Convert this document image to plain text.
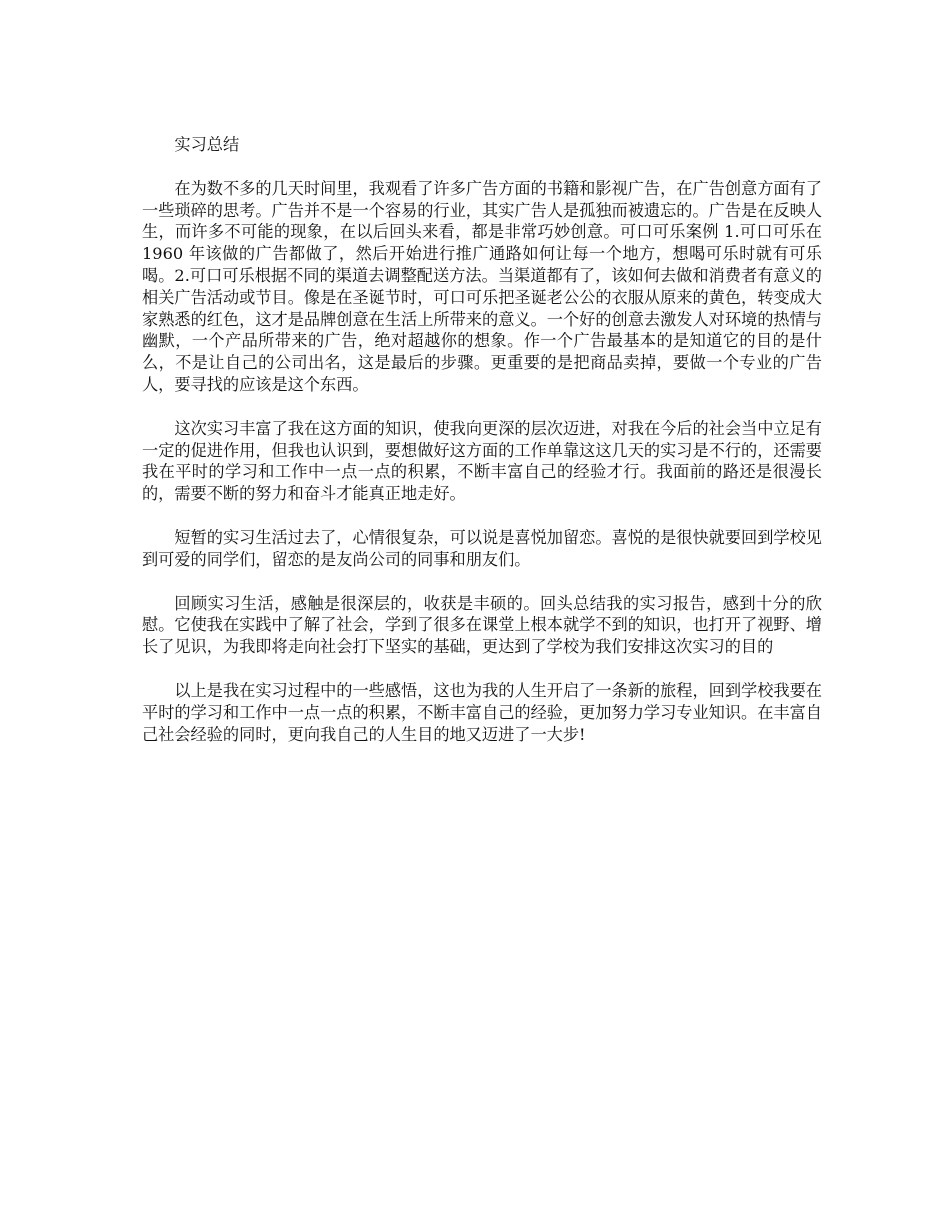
实习总结

在为数不多的几天时间里，我观看了许多广告方面的书籍和影视广告，在广告创意方面有了一些琐碎的思考。广告并不是一个容易的行业，其实广告人是孤独而被遗忘的。广告是在反映人生，而许多不可能的现象，在以后回头来看，都是非常巧妙创意。可口可乐案例 1.可口可乐在 1960 年该做的广告都做了，然后开始进行推广通路如何让每一个地方，想喝可乐时就有可乐喝。2.可口可乐根据不同的渠道去调整配送方法。当渠道都有了，该如何去做和消费者有意义的相关广告活动或节目。像是在圣诞节时，可口可乐把圣诞老公公的衣服从原来的黄色，转变成大家熟悉的红色，这才是品牌创意在生活上所带来的意义。一个好的创意去激发人对环境的热情与幽默，一个产品所带来的广告，绝对超越你的想象。作一个广告最基本的是知道它的目的是什么，不是让自己的公司出名，这是最后的步骤。更重要的是把商品卖掉，要做一个专业的广告人，要寻找的应该是这个东西。

这次实习丰富了我在这方面的知识，使我向更深的层次迈进，对我在今后的社会当中立足有一定的促进作用，但我也认识到，要想做好这方面的工作单靠这这几天的实习是不行的，还需要我在平时的学习和工作中一点一点的积累，不断丰富自己的经验才行。我面前的路还是很漫长的，需要不断的努力和奋斗才能真正地走好。

短暂的实习生活过去了，心情很复杂，可以说是喜悦加留恋。喜悦的是很快就要回到学校见到可爱的同学们，留恋的是友尚公司的同事和朋友们。

回顾实习生活，感触是很深层的，收获是丰硕的。回头总结我的实习报告，感到十分的欣慰。它使我在实践中了解了社会，学到了很多在课堂上根本就学不到的知识，也打开了视野、增长了见识，为我即将走向社会打下坚实的基础，更达到了学校为我们安排这次实习的目的

以上是我在实习过程中的一些感悟，这也为我的人生开启了一条新的旅程，回到学校我要在平时的学习和工作中一点一点的积累，不断丰富自己的经验，更加努力学习专业知识。在丰富自己社会经验的同时，更向我自己的人生目的地又迈进了一大步!
